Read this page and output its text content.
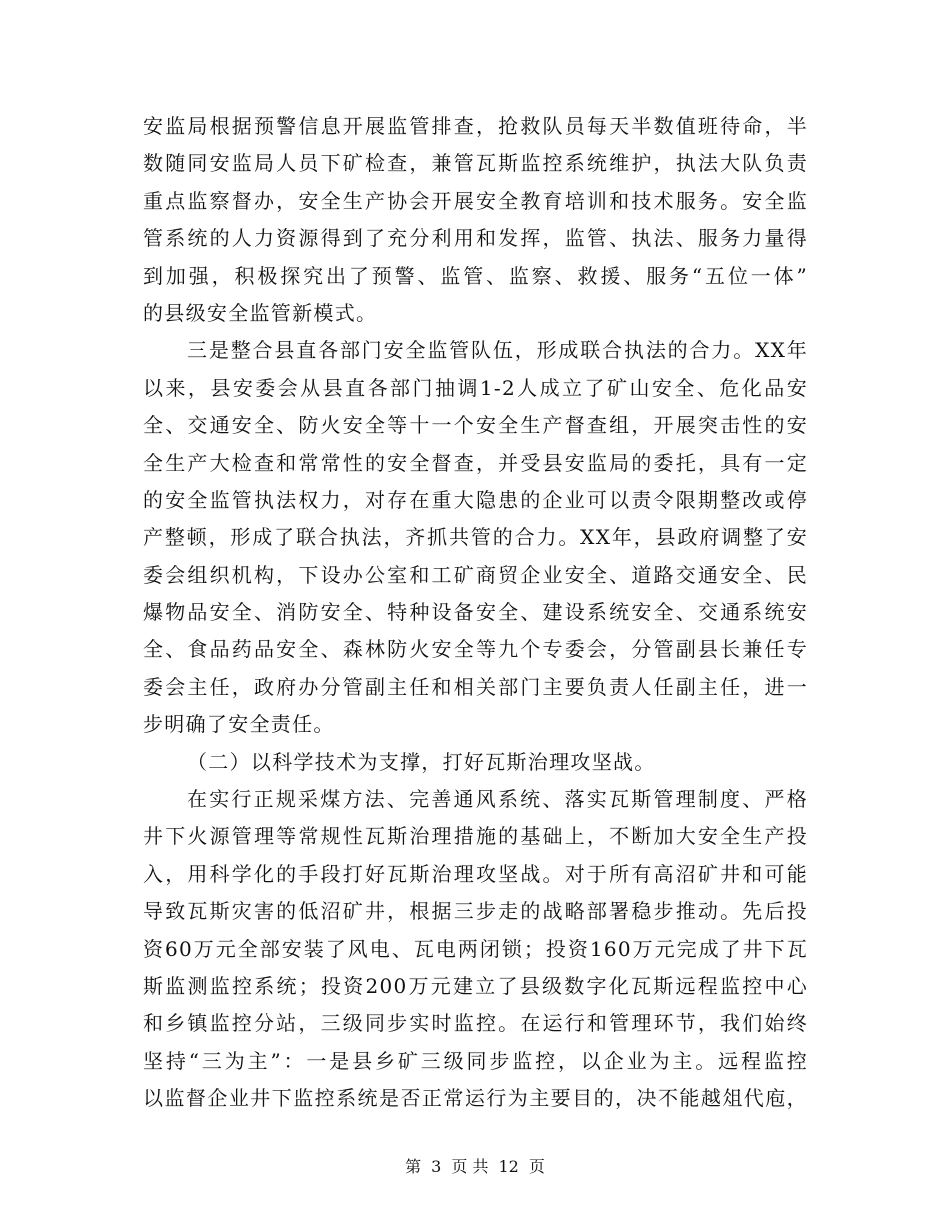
安监局根据预警信息开展监管排查，抢救队员每天半数值班待命，半
数随同安监局人员下矿检查，兼管瓦斯监控系统维护，执法大队负责
重点监察督办，安全生产协会开展安全教育培训和技术服务。安全监
管系统的人力资源得到了充分利用和发挥，监管、执法、服务力量得
到加强，积极探究出了预警、监管、监察、救援、服务“五位一体”
的县级安全监管新模式。
三是整合县直各部门安全监管队伍，形成联合执法的合力。XX年
以来，县安委会从县直各部门抽调1-2人成立了矿山安全、危化品安
全、交通安全、防火安全等十一个安全生产督查组，开展突击性的安
全生产大检查和常常性的安全督查，并受县安监局的委托，具有一定
的安全监管执法权力，对存在重大隐患的企业可以责令限期整改或停
产整顿，形成了联合执法，齐抓共管的合力。XX年，县政府调整了安
委会组织机构，下设办公室和工矿商贸企业安全、道路交通安全、民
爆物品安全、消防安全、特种设备安全、建设系统安全、交通系统安
全、食品药品安全、森林防火安全等九个专委会，分管副县长兼任专
委会主任，政府办分管副主任和相关部门主要负责人任副主任，进一
步明确了安全责任。
（二）以科学技术为支撑，打好瓦斯治理攻坚战。
在实行正规采煤方法、完善通风系统、落实瓦斯管理制度、严格
井下火源管理等常规性瓦斯治理措施的基础上，不断加大安全生产投
入，用科学化的手段打好瓦斯治理攻坚战。对于所有高沼矿井和可能
导致瓦斯灾害的低沼矿井，根据三步走的战略部署稳步推动。先后投
资60万元全部安装了风电、瓦电两闭锁；投资160万元完成了井下瓦
斯监测监控系统；投资200万元建立了县级数字化瓦斯远程监控中心
和乡镇监控分站，三级同步实时监控。在运行和管理环节，我们始终
坚持“三为主”：一是县乡矿三级同步监控，以企业为主。远程监控
以监督企业井下监控系统是否正常运行为主要目的，决不能越俎代庖，
第 3 页 共 12 页
